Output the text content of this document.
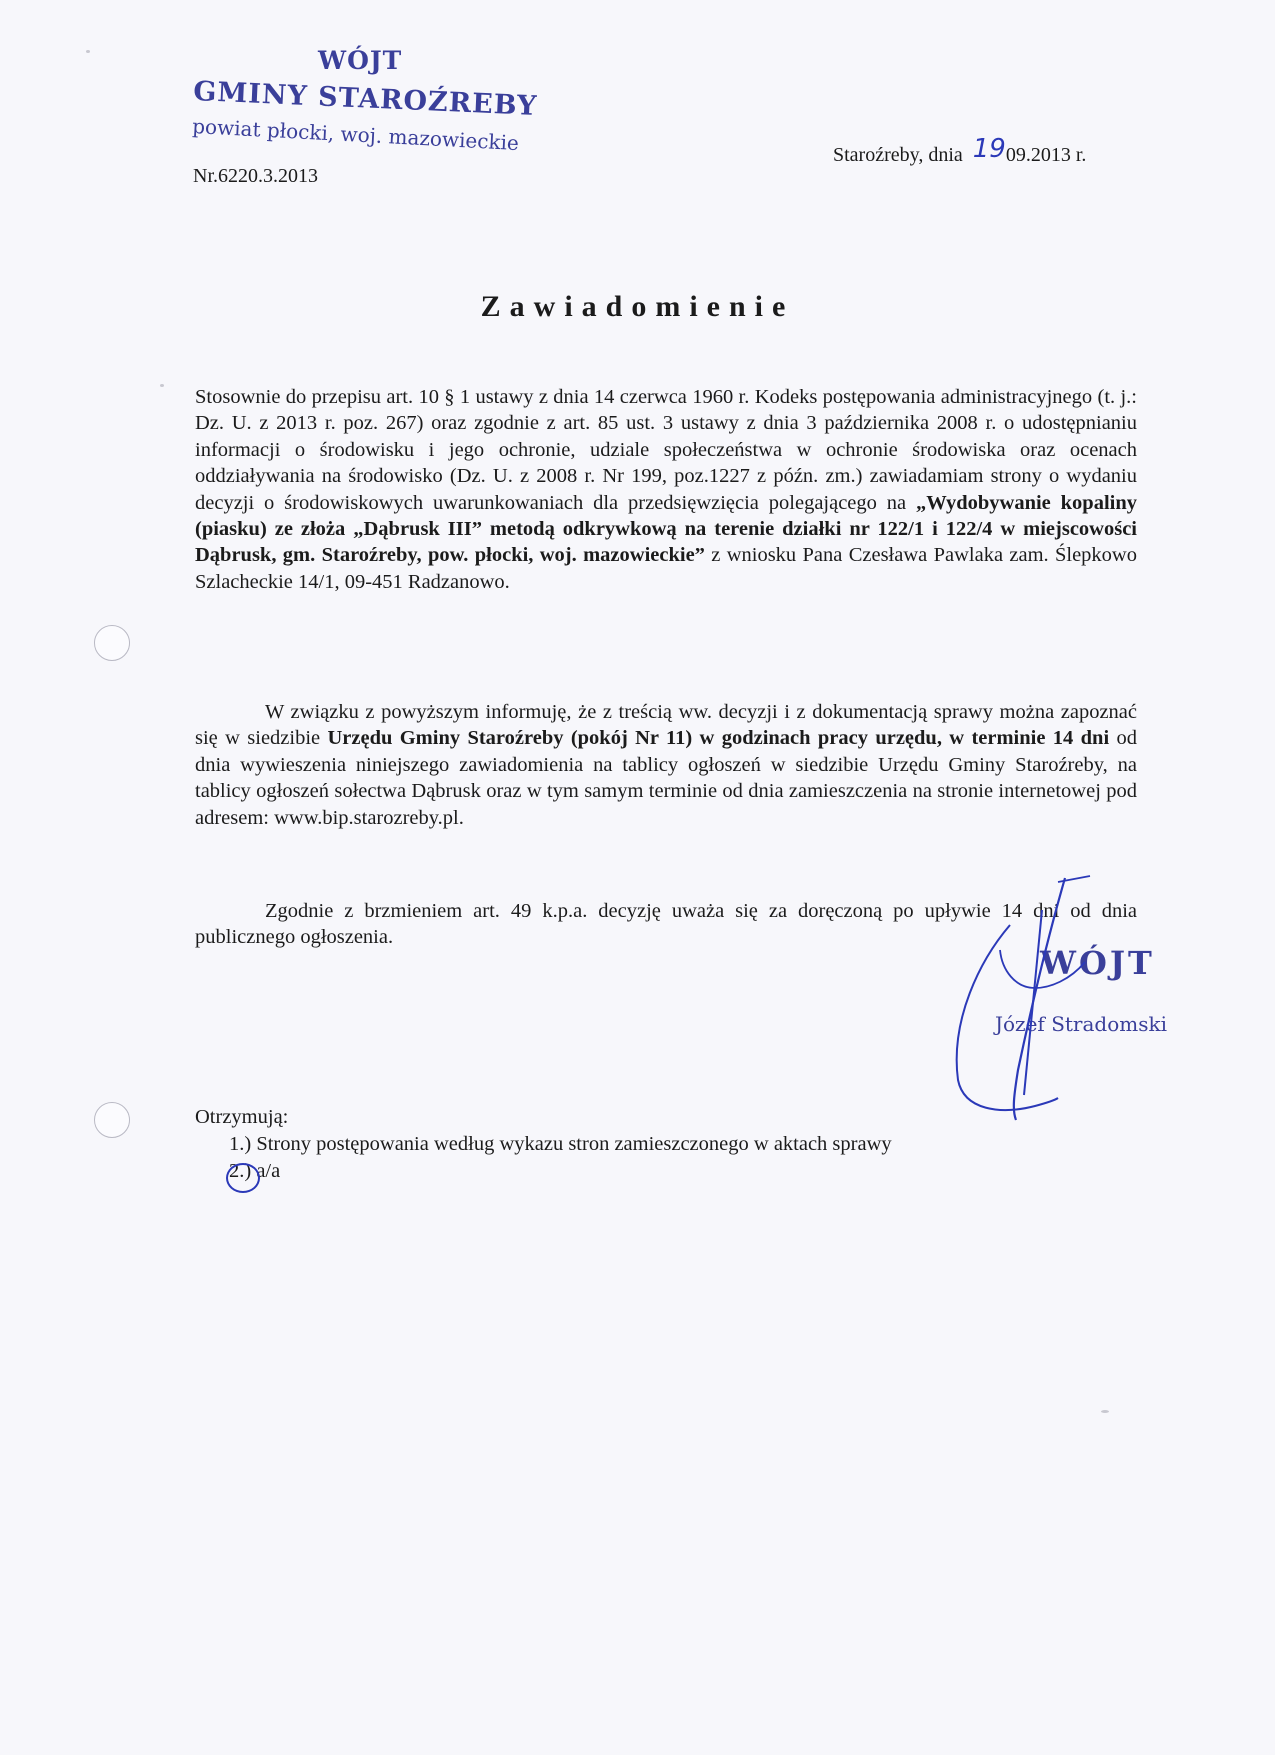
WÓJT
GMINY STAROŹREBY
powiat płocki, woj. mazowieckie
Nr.6220.3.2013
Staroźreby, dnia 1909.2013 r.
Zawiadomienie
Stosownie do przepisu art. 10 § 1 ustawy z dnia 14 czerwca 1960 r. Kodeks postępowania administracyjnego (t. j.: Dz. U. z 2013 r. poz. 267) oraz zgodnie z art. 85 ust. 3 ustawy z dnia 3 października 2008 r. o udostępnianiu informacji o środowisku i jego ochronie, udziale społeczeństwa w ochronie środowiska oraz ocenach oddziaływania na środowisko (Dz. U. z 2008 r. Nr 199, poz.1227 z późn. zm.) zawiadamiam strony o wydaniu decyzji o środowiskowych uwarunkowaniach dla przedsięwzięcia polegającego na „Wydobywanie kopaliny (piasku) ze złoża „Dąbrusk III” metodą odkrywkową na terenie działki nr 122/1 i 122/4 w miejscowości Dąbrusk, gm. Staroźreby, pow. płocki, woj. mazowieckie” z wniosku Pana Czesława Pawlaka zam. Ślepkowo Szlacheckie 14/1, 09-451 Radzanowo.
W związku z powyższym informuję, że z treścią ww. decyzji i z dokumentacją sprawy można zapoznać się w siedzibie Urzędu Gminy Staroźreby (pokój Nr 11) w godzinach pracy urzędu, w terminie 14 dni od dnia wywieszenia niniejszego zawiadomienia na tablicy ogłoszeń w siedzibie Urzędu Gminy Staroźreby, na tablicy ogłoszeń sołectwa Dąbrusk oraz w tym samym terminie od dnia zamieszczenia na stronie internetowej pod adresem: www.bip.starozreby.pl.
Zgodnie z brzmieniem art. 49 k.p.a. decyzję uważa się za doręczoną po upływie 14 dni od dnia publicznego ogłoszenia.
WÓJT
Józef Stradomski
Otrzymują:
1.) Strony postępowania według wykazu stron zamieszczonego w aktach sprawy
2.) a/a
